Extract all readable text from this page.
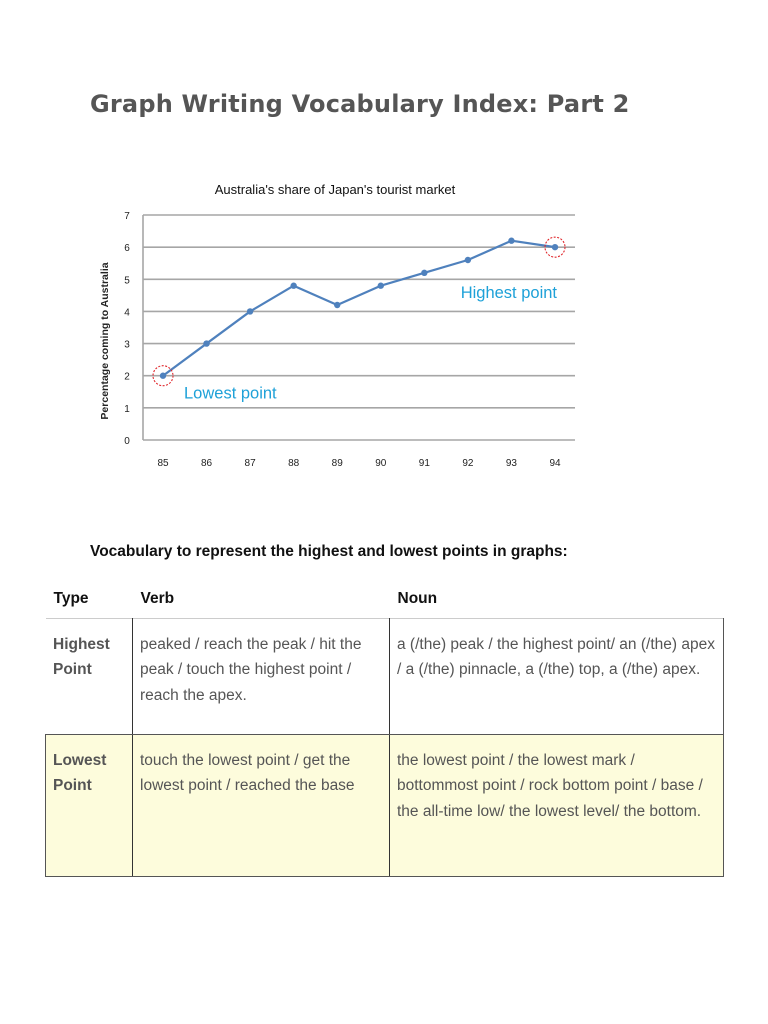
Graph Writing Vocabulary Index: Part 2
Australia's share of Japan's tourist market
Percentage coming to Australia
0
1
2
3
4
5
6
7
85	86	87	88	89	90	91	92	93	94
Lowest point
Highest point

Vocabulary to represent the highest and lowest points in graphs:

Type	Verb	Noun
Highest
Point	peaked / reach the peak / hit the peak / touch the highest point / reach the apex.	a (/the) peak / the highest point/ an (/the) apex / a (/the) pinnacle, a (/the) top, a (/the) apex.
Lowest
Point	touch the lowest point / get the lowest point / reached the base	the lowest point / the lowest mark / bottommost point / rock bottom point / base / the all-time low/ the lowest level/ the bottom.
